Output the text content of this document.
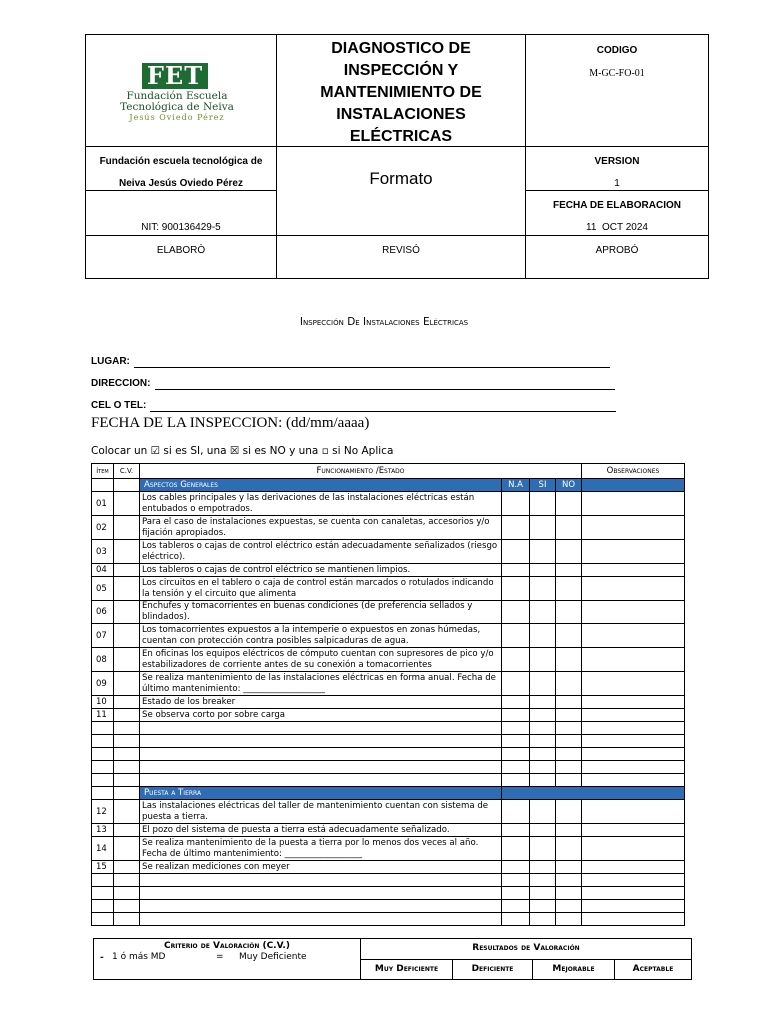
FET
Fundación Escuela
Tecnológica de Neiva
Jesús Oviedo Pérez
DIAGNOSTICO DE
INSPECCIÓN Y
MANTENIMIENTO DE
INSTALACIONES
ELÉCTRICAS
CODIGO
M-GC-FO-01
Fundación escuela tecnológica de
Neiva Jesús Oviedo Pérez	Formato
VERSION
1
FECHA DE ELABORACION
11  OCT 2024
NIT: 900136429-5
ELABORÒ	REVISÓ	APROBÓ
Inspección De Instalaciones Eléctricas
LUGAR:
DIRECCION:
CEL O TEL:
FECHA DE LA INSPECCION: (dd/mm/aaaa)
Colocar un ☑ si es SI, una ☒ si es NO y una ▫ si No Aplica
Ítem	C.V.	Funcionamiento /Estado				Observaciones
		Aspectos Generales	N.A	SI	NO	
01		Los cables principales y las derivaciones de las instalaciones eléctricas están entubados o empotrados.				
02		Para el caso de instalaciones expuestas, se cuenta con canaletas, accesorios y/o fijación apropiados.				
03		Los tableros o cajas de control eléctrico están adecuadamente señalizados (riesgo eléctrico).				
04		Los tableros o cajas de control eléctrico se mantienen limpios.				
05		Los circuitos en el tablero o caja de control están marcados o rotulados indicando la tensión y el circuito que alimenta				
06		Enchufes y tomacorrientes en buenas condiciones (de preferencia sellados y blindados).				
07		Los tomacorrientes expuestos a la intemperie o expuestos en zonas húmedas, cuentan con protección contra posibles salpicaduras de agua.				
08		En oficinas los equipos eléctricos de cómputo cuentan con supresores de pico y/o estabilizadores de corriente antes de su conexión a tomacorrientes				
09		Se realiza mantenimiento de las instalaciones eléctricas en forma anual. Fecha de último mantenimiento: ___________________				
10		Estado de los breaker				
11		Se observa corto por sobre carga				

		Puesta a Tierra				
12		Las instalaciones eléctricas del taller de mantenimiento cuentan con sistema de puesta a tierra.				
13		El pozo del sistema de puesta a tierra está adecuadamente señalizado.				
14		Se realiza mantenimiento de la puesta a tierra por lo menos dos veces al año. Fecha de último mantenimiento: __________________				
15		Se realizan mediciones con meyer				

Criterio de Valoración (C.V.)
- 1 ó más MD	= Muy Deficiente
Resultados de Valoración
Muy Deficiente	Deficiente	Mejorable	Aceptable
